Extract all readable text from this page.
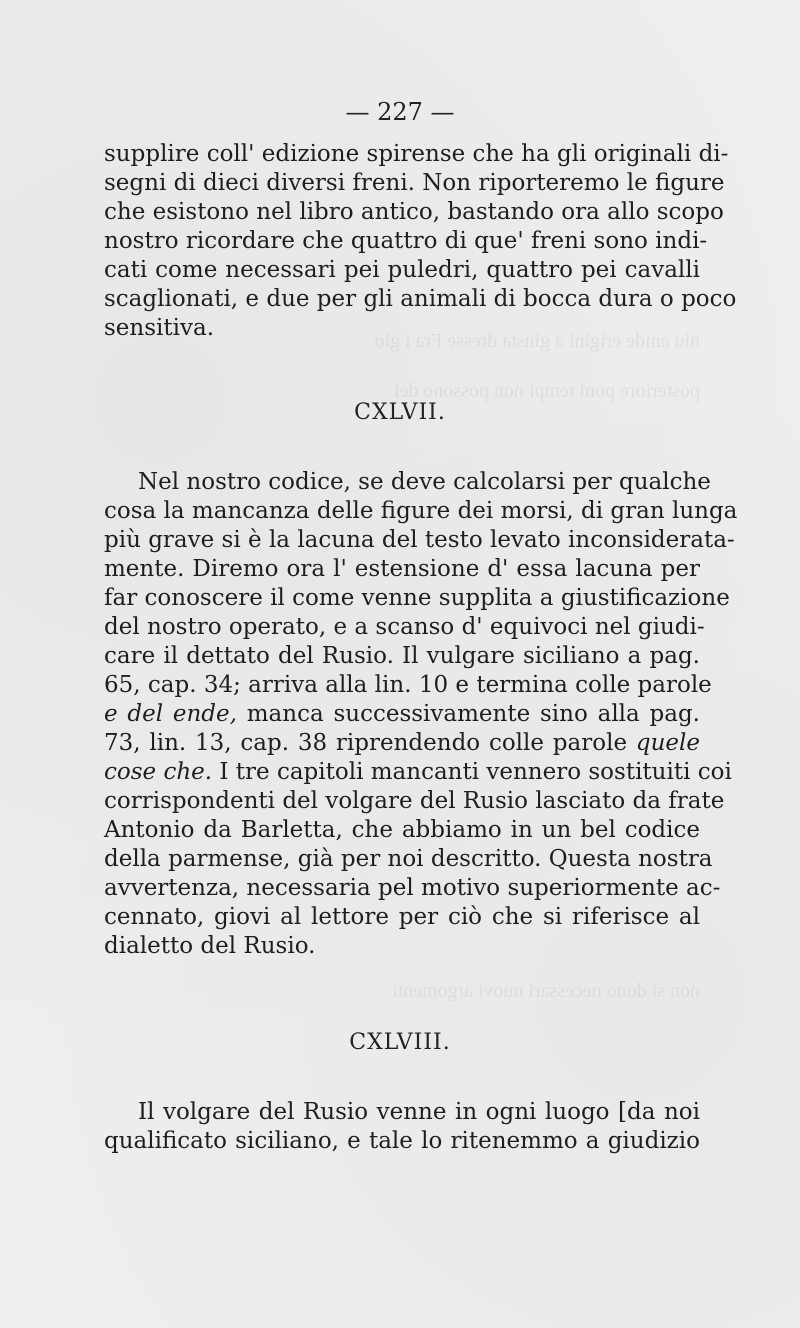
niu anide erigini a giusta dresse Fra i gio
posteriore poni tempi non possono del
non si dono necessari nuovi argomenti
— 227 —
supplire coll' edizione spirense che ha gli originali di-
segni di dieci diversi freni. Non riporteremo le figure
che esistono nel libro antico, bastando ora allo scopo
nostro ricordare che quattro di que' freni sono indi-
cati come necessari pei puledri, quattro pei cavalli
scaglionati, e due per gli animali di bocca dura o poco
sensitiva.
CXLVII.
Nel nostro codice, se deve calcolarsi per qualche
cosa la mancanza delle figure dei morsi, di gran lunga
più grave si è la lacuna del testo levato inconsiderata-
mente. Diremo ora l' estensione d' essa lacuna per
far conoscere il come venne supplita a giustificazione
del nostro operato, e a scanso d' equivoci nel giudi-
care il dettato del Rusio. Il vulgare siciliano a pag.
65, cap. 34; arriva alla lin. 10 e termina colle parole
e del ende, manca successivamente sino alla pag.
73, lin. 13, cap. 38 riprendendo colle parole quele
cose che. I tre capitoli mancanti vennero sostituiti coi
corrispondenti del volgare del Rusio lasciato da frate
Antonio da Barletta, che abbiamo in un bel codice
della parmense, già per noi descritto. Questa nostra
avvertenza, necessaria pel motivo superiormente ac-
cennato, giovi al lettore per ciò che si riferisce al
dialetto del Rusio.
CXLVIII.
Il volgare del Rusio venne in ogni luogo [da noi
qualificato siciliano, e tale lo ritenemmo a giudizio
